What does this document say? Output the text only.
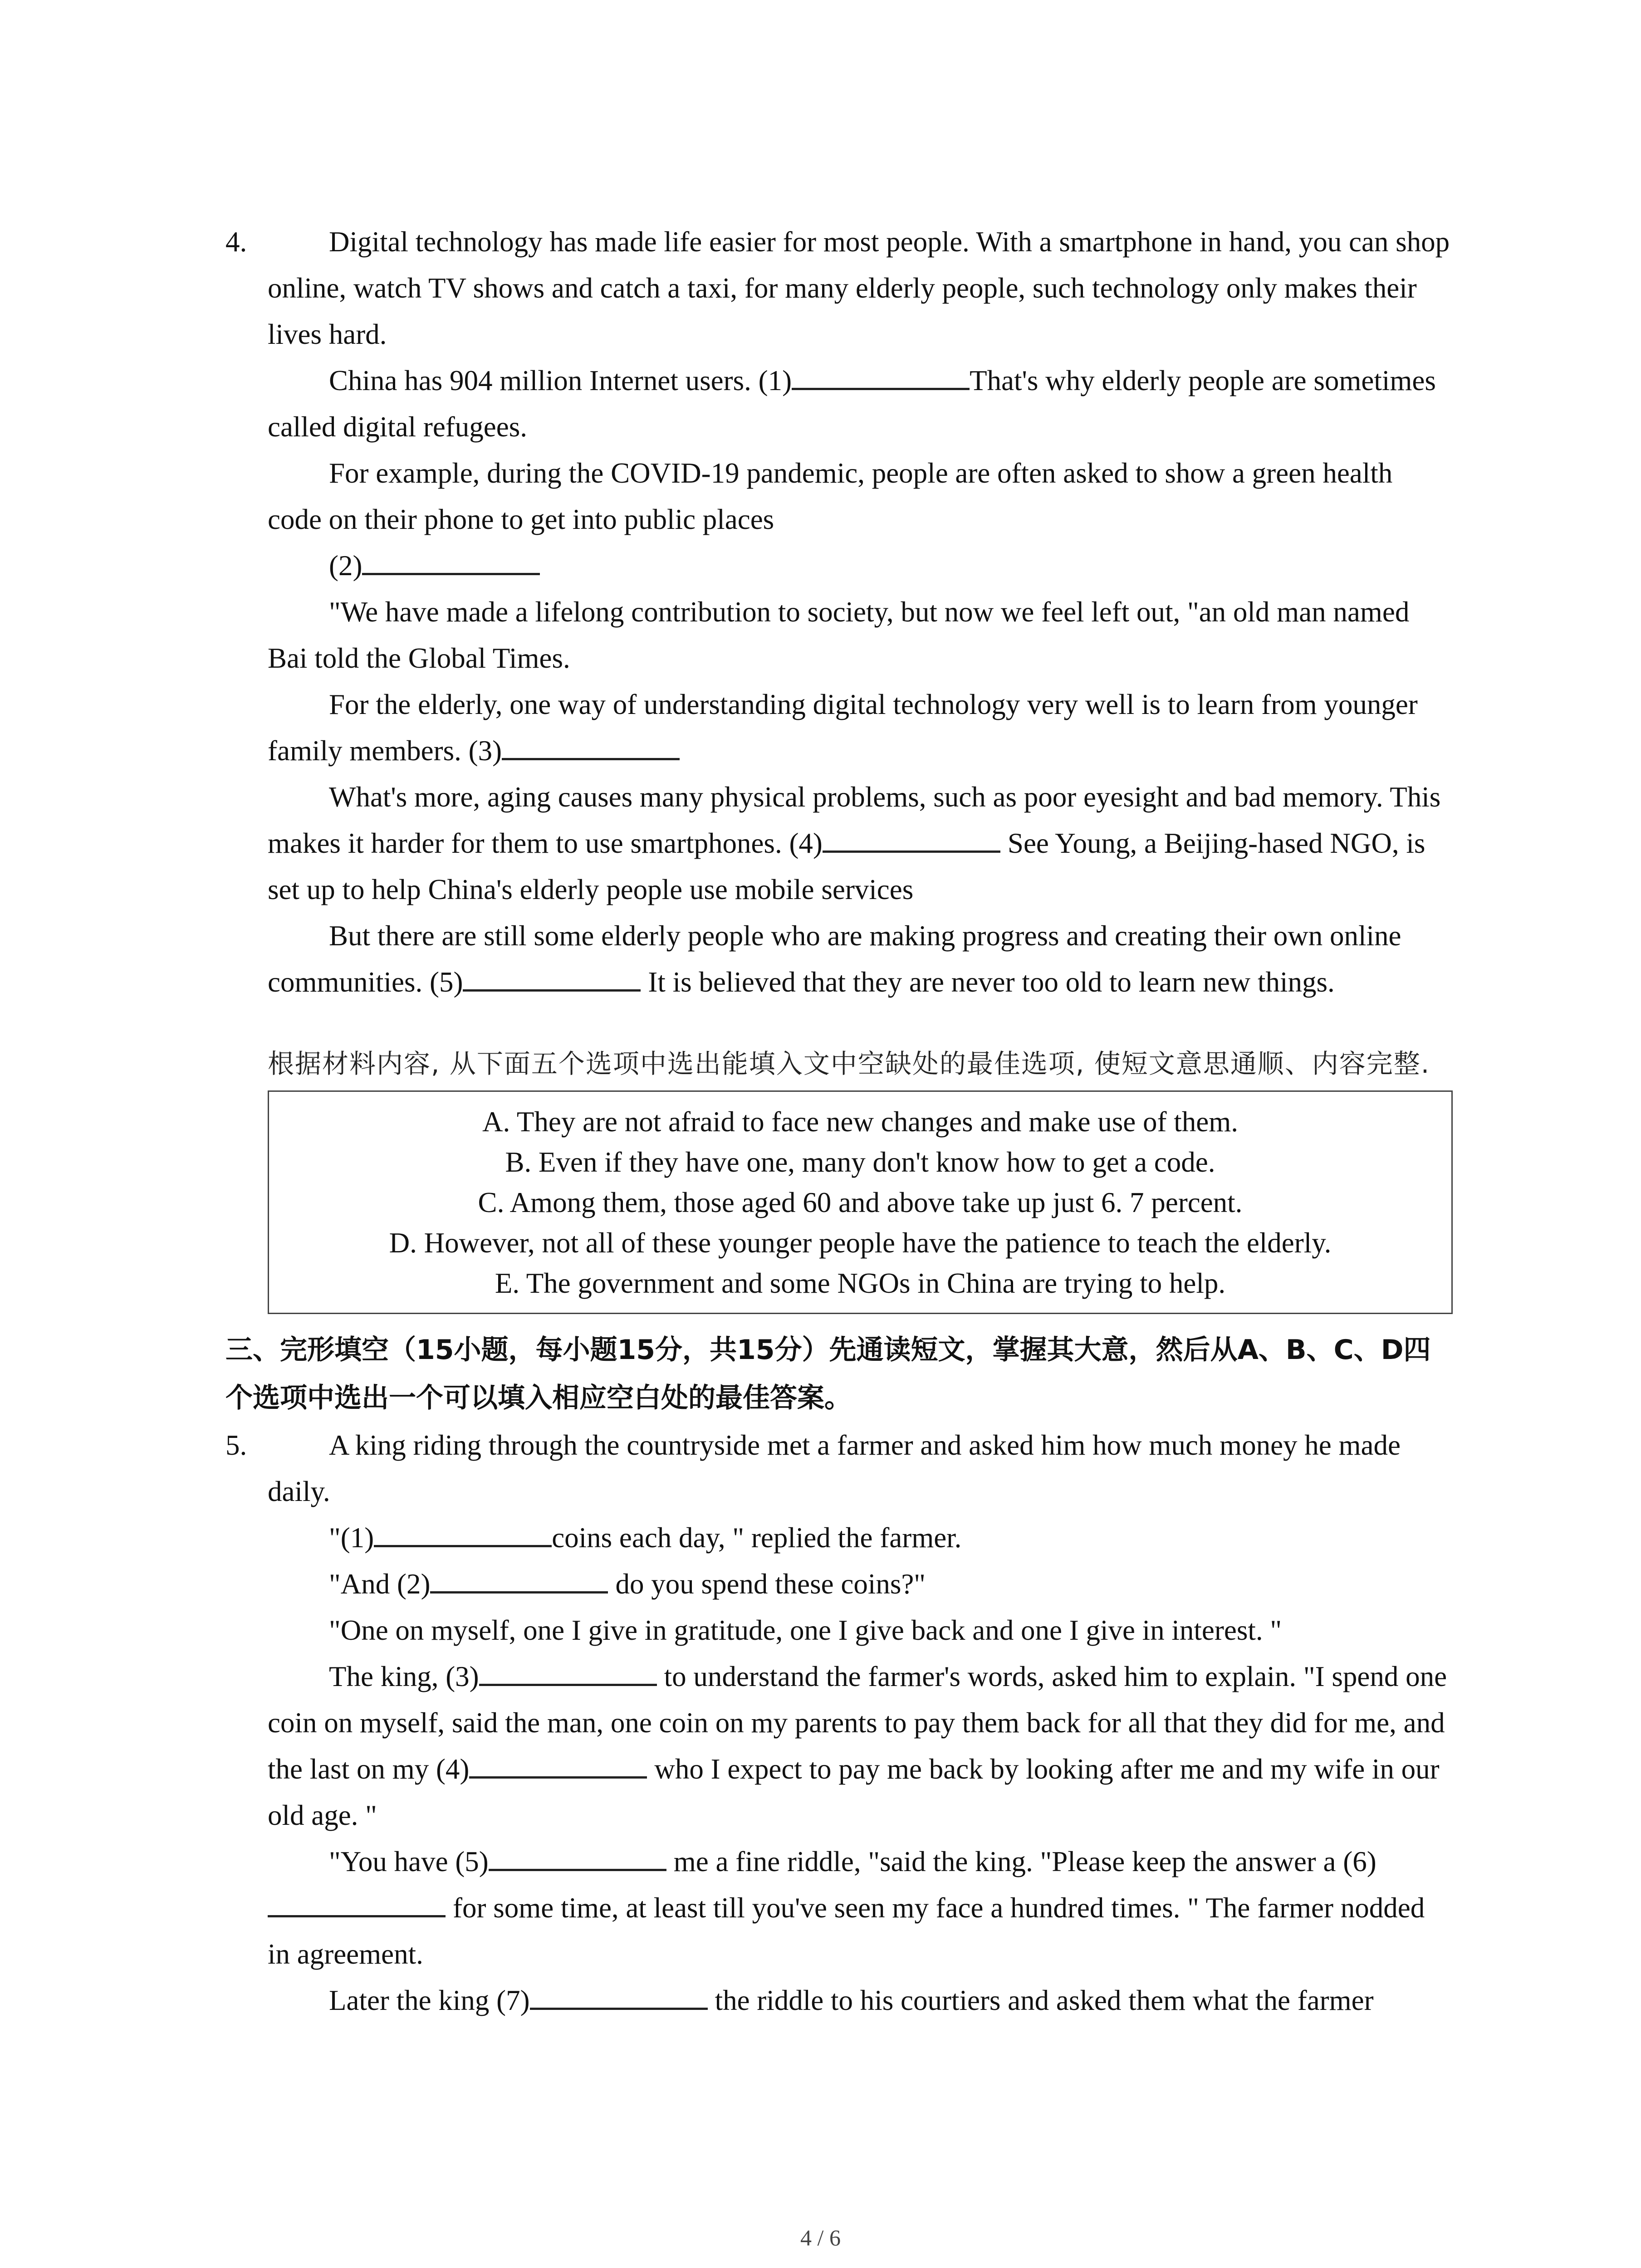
4.	Digital technology has made life easier for most people. With a smartphone in hand, you can shop online, watch TV shows and catch a taxi, for many elderly people, such technology only makes their lives hard.

China has 904 million Internet users. (1)	That's why elderly people are sometimes called digital refugees.

For example, during the COVID-19 pandemic, people are often asked to show a green health code on their phone to get into public places

(2)

"We have made a lifelong contribution to society, but now we feel left out, "an old man named Bai told the Global Times.

For the elderly, one way of understanding digital technology very well is to learn from younger family members. (3)

What's more, aging causes many physical problems, such as poor eyesight and bad memory. This makes it harder for them to use smartphones. (4)	See Young, a Beijing-hased NGO, is set up to help China's elderly people use mobile services

But there are still some elderly people who are making progress and creating their own online communities. (5)	It is believed that they are never too old to learn new things.

根据材料内容, 从下面五个选项中选出能填入文中空缺处的最佳选项, 使短文意思通顺、内容完整.

A. They are not afraid to face new changes and make use of them.

B. Even if they have one, many don't know how to get a code.

C. Among them, those aged 60 and above take up just 6. 7 percent.

D. However, not all of these younger people have the patience to teach the elderly.

E. The government and some NGOs in China are trying to help.

三、完形填空（15小题，每小题15分，共15分）先通读短文，掌握其大意，然后从A、B、C、D四个选项中选出一个可以填入相应空白处的最佳答案。

5.	A king riding through the countryside met a farmer and asked him how much money he made daily.

"(1)	coins each day, " replied the farmer.

"And (2)	do you spend these coins?"

"One on myself, one I give in gratitude, one I give back and one I give in interest. "

The king, (3)	to understand the farmer's words, asked him to explain. "I spend one coin on myself, said the man, one coin on my parents to pay them back for all that they did for me, and the last on my (4)	who I expect to pay me back by looking after me and my wife in our old age. "

"You have (5)	me a fine riddle, "said the king. "Please keep the answer a (6)for some time, at least till you've seen my face a hundred times. " The farmer nodded in agreement.

Later the king (7)	the riddle to his courtiers and asked them what the farmer

4 / 6
